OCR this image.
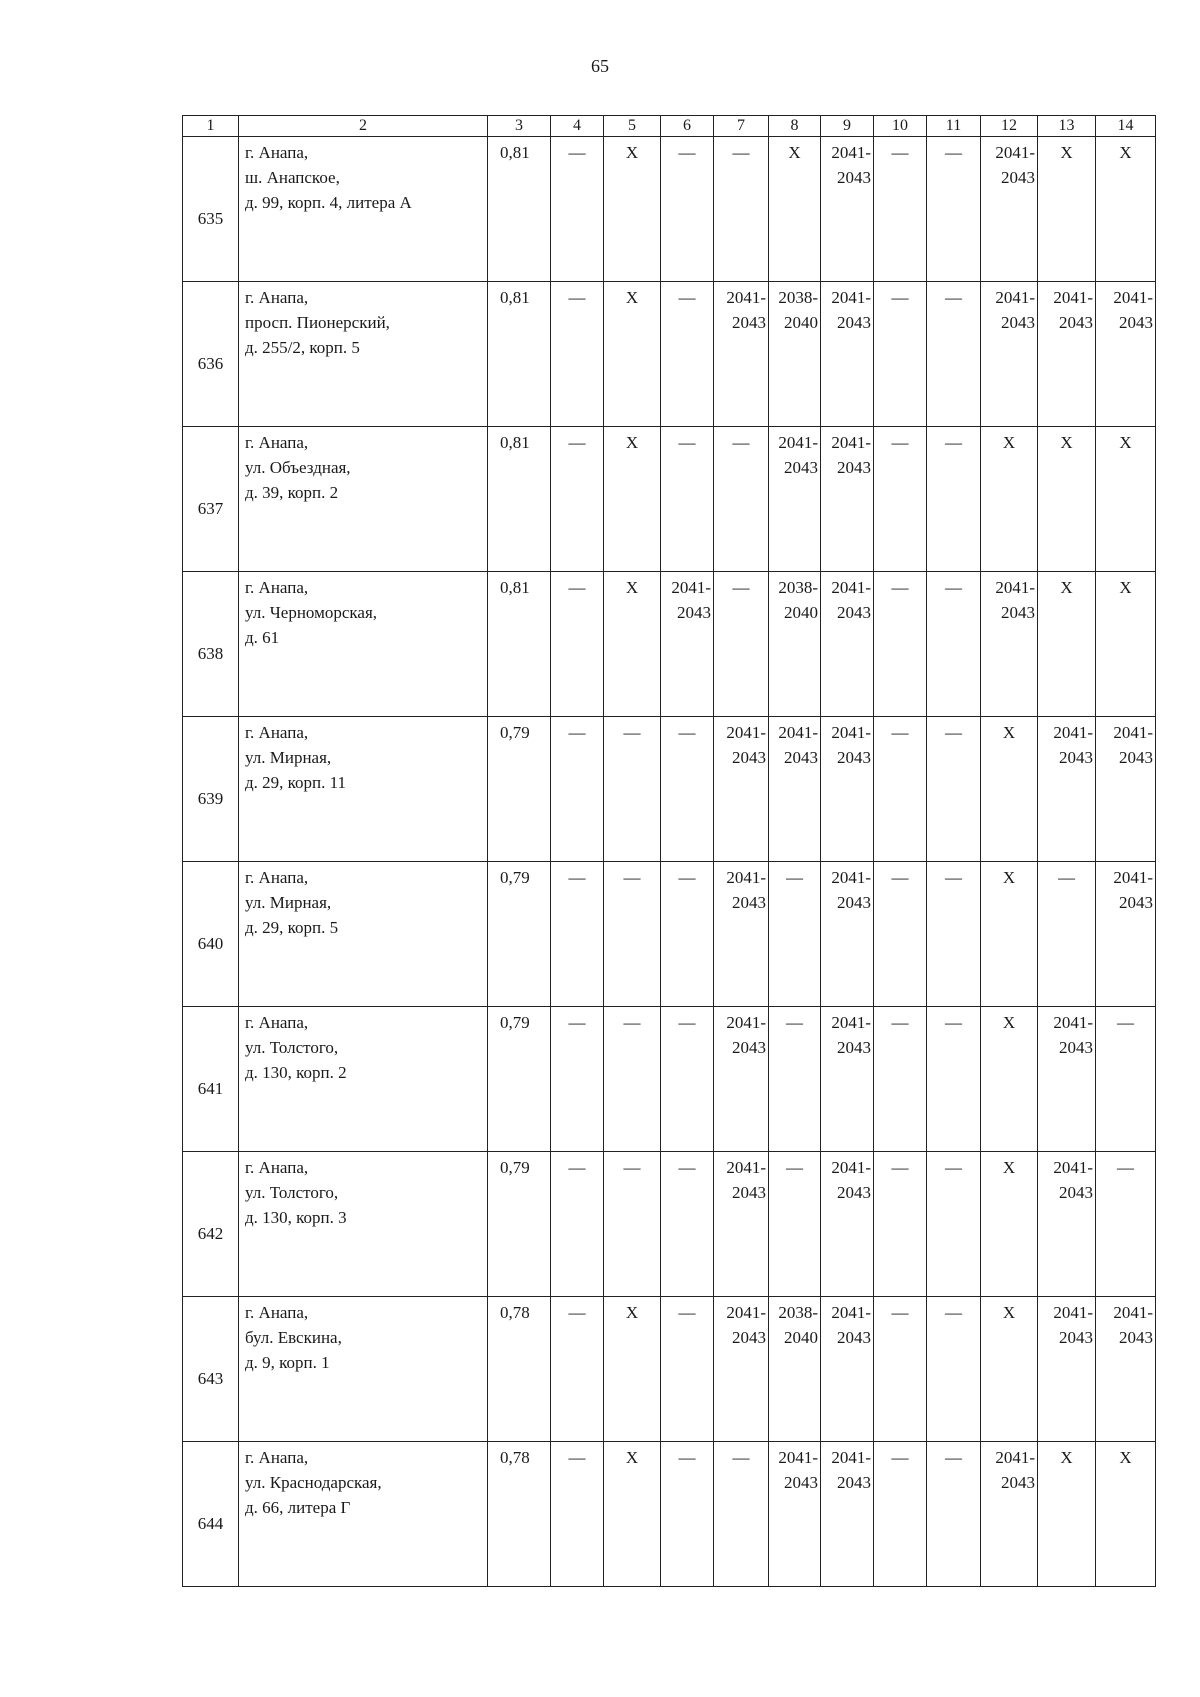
65
1	2	3	4	5	6	7	8	9	10	11	12	13	14
635	г. Анапа,
ш. Анапское,
д. 99, корп. 4, литера А	0,81	—	X	—	—	X	2041-
2043	—	—	2041-
2043	X	X

636	г. Анапа,
просп. Пионерский,
д. 255/2, корп. 5	0,81	—	X	—	2041-
2043	2038-
2040	2041-
2043	—	—	2041-
2043	2041-
2043	2041-
2043

637	г. Анапа,
ул. Объездная,
д. 39, корп. 2	0,81	—	X	—	—	2041-
2043	2041-
2043	—	—	X	X	X

638	г. Анапа,
ул. Черноморская,
д. 61	0,81	—	X	2041-
2043	—	2038-
2040	2041-
2043	—	—	2041-
2043	X	X

639	г. Анапа,
ул. Мирная,
д. 29, корп. 11	0,79	—	—	—	2041-
2043	2041-
2043	2041-
2043	—	—	X	2041-
2043	2041-
2043

640	г. Анапа,
ул. Мирная,
д. 29, корп. 5	0,79	—	—	—	2041-
2043	—	2041-
2043	—	—	X	—	2041-
2043

641	г. Анапа,
ул. Толстого,
д. 130, корп. 2	0,79	—	—	—	2041-
2043	—	2041-
2043	—	—	X	2041-
2043	—

642	г. Анапа,
ул. Толстого,
д. 130, корп. 3	0,79	—	—	—	2041-
2043	—	2041-
2043	—	—	X	2041-
2043	—

643	г. Анапа,
бул. Евскина,
д. 9, корп. 1	0,78	—	X	—	2041-
2043	2038-
2040	2041-
2043	—	—	X	2041-
2043	2041-
2043

644	г. Анапа,
ул. Краснодарская,
д. 66, литера Г	0,78	—	X	—	—	2041-
2043	2041-
2043	—	—	2041-
2043	X	X
